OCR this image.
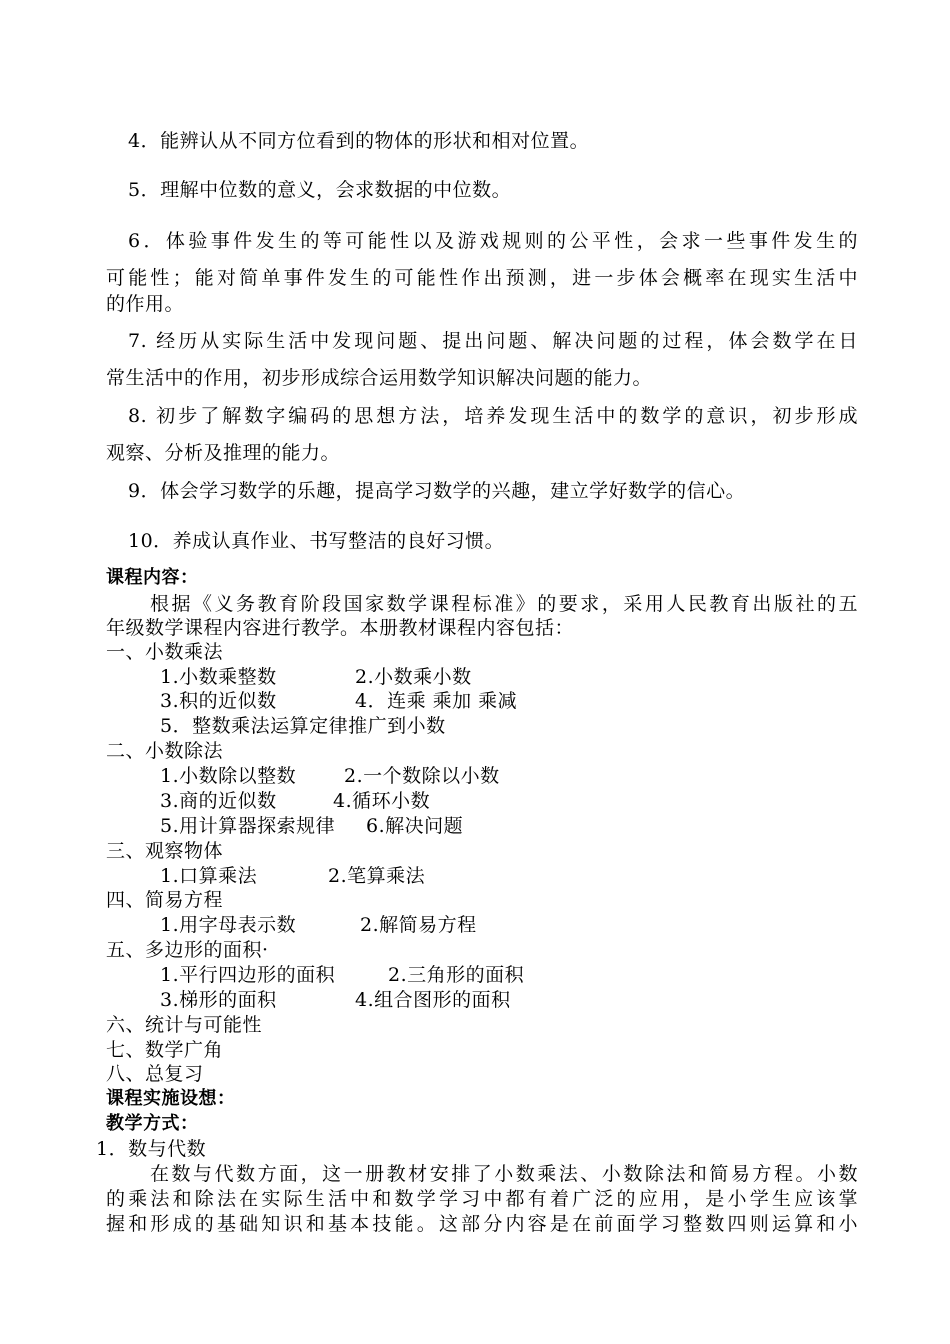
4．能辨认从不同方位看到的物体的形状和相对位置。
5．理解中位数的意义，会求数据的中位数。
6．体验事件发生的等可能性以及游戏规则的公平性，会求一些事件发生的
可能性；能对简单事件发生的可能性作出预测，进一步体会概率在现实生活中
的作用。
7. 经历从实际生活中发现问题、提出问题、解决问题的过程，体会数学在日
常生活中的作用，初步形成综合运用数学知识解决问题的能力。
8. 初步了解数字编码的思想方法，培养发现生活中的数学的意识，初步形成
观察、分析及推理的能力。
9．体会学习数学的乐趣，提高学习数学的兴趣，建立学好数学的信心。
10．养成认真作业、书写整洁的良好习惯。
课程内容：
根据《义务教育阶段国家数学课程标准》的要求，采用人民教育出版社的五
年级数学课程内容进行教学。本册教材课程内容包括：
一、小数乘法
1.小数乘整数	2.小数乘小数
3.积的近似数	4．连乘 乘加 乘减
5．整数乘法运算定律推广到小数
二、小数除法
1.小数除以整数	2.一个数除以小数
3.商的近似数	4.循环小数
5.用计算器探索规律 6.解决问题
三、观察物体
1.口算乘法	2.笔算乘法
四、简易方程
1.用字母表示数	2.解简易方程
五、多边形的面积·
1.平行四边形的面积	2.三角形的面积
3.梯形的面积	4.组合图形的面积
六、统计与可能性
七、数学广角
八、总复习
课程实施设想：
教学方式：
1．数与代数
在数与代数方面，这一册教材安排了小数乘法、小数除法和简易方程。小数
的乘法和除法在实际生活中和数学学习中都有着广泛的应用，是小学生应该掌
握和形成的基础知识和基本技能。这部分内容是在前面学习整数四则运算和小
